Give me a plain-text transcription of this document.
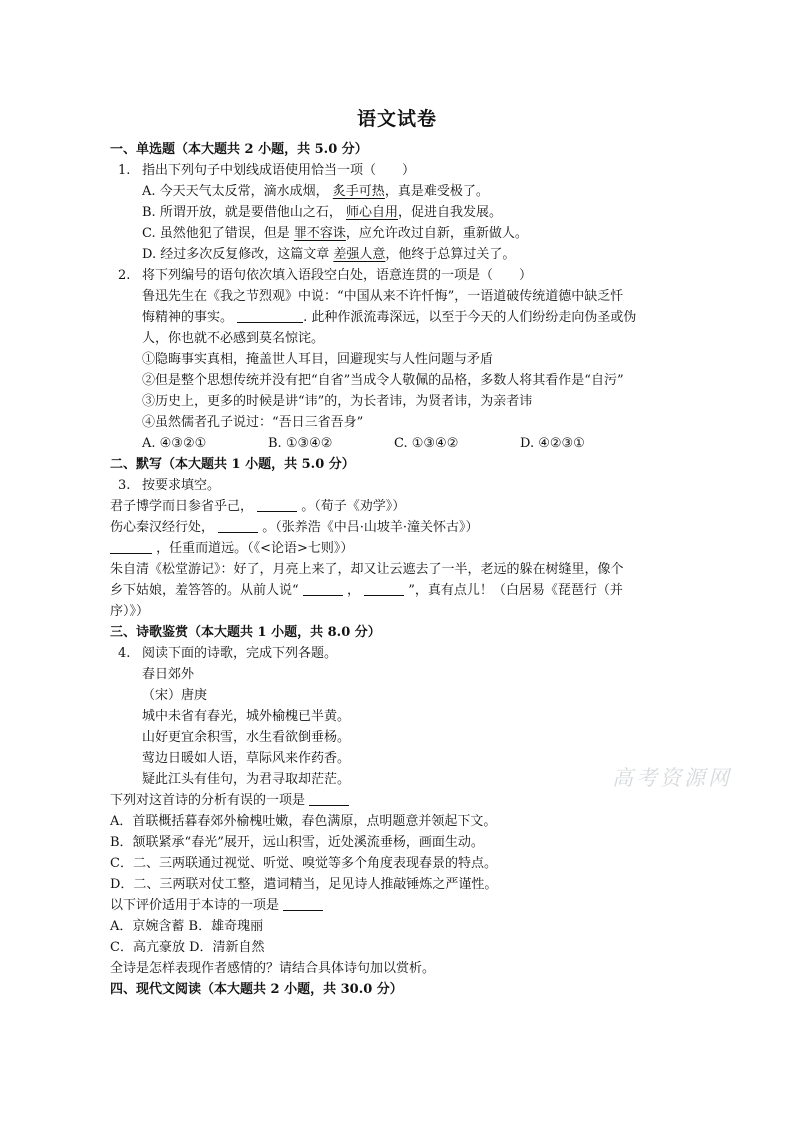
语文试卷
一、单选题（本大题共 2 小题，共 5.0 分）
1. 指出下列句子中划线成语使用恰当一项（　　）
A. 今天天气太反常，滴水成烟， 炙手可热，真是难受极了。
B. 所谓开放，就是要借他山之石， 师心自用，促进自我发展。
C. 虽然他犯了错误，但是 罪不容诛，应允许改过自新，重新做人。
D. 经过多次反复修改，这篇文章 差强人意，他终于总算过关了。
2. 将下列编号的语句依次填入语段空白处，语意连贯的一项是（　　）
鲁迅先生在《我之节烈观》中说：“中国从来不许忏悔”，一语道破传统道德中缺乏忏
悔精神的事实。	. 此种作派流毒深远，以至于今天的人们纷纷走向伪圣或伪
人，你也就不必感到莫名惊诧。
①隐晦事实真相，掩盖世人耳目，回避现实与人性问题与矛盾
②但是整个思想传统并没有把“自省”当成令人敬佩的品格，多数人将其看作是“自污”
③历史上，更多的时候是讲“讳”的，为长者讳，为贤者讳，为亲者讳
④虽然儒者孔子说过：“吾日三省吾身”
A. ④③②①	B. ①③④②	C. ①③④②	D. ④②③①
二、默写（本大题共 1 小题，共 5.0 分）
3. 按要求填空。
君子博学而日参省乎己，	。（荀子《劝学》）
伤心秦汉经行处，	。（张养浩《中吕·山坡羊·潼关怀古》）
，任重而道远。（《<论语>七则》）
朱自清《松堂游记》：好了，月亮上来了，却又让云遮去了一半，老远的躲在树缝里，像个
乡下姑娘，羞答答的。从前人说“	，	”，真有点儿！（白居易《琵琶行（并
序）》）
三、诗歌鉴赏（本大题共 1 小题，共 8.0 分）
4. 阅读下面的诗歌，完成下列各题。
春日郊外
（宋）唐庚
城中未省有春光，城外榆槐已半黄。
山好更宜余积雪，水生看欲倒垂杨。
莺边日暖如人语，草际风来作药香。
疑此江头有佳句，为君寻取却茫茫。
下列对这首诗的分析有误的一项是
A．首联概括暮春郊外榆槐吐嫩，春色满原，点明题意并领起下文。
B．颔联紧承“春光”展开，远山积雪，近处溪流垂杨，画面生动。
C．二、三两联通过视觉、听觉、嗅觉等多个角度表现春景的特点。
D．二、三两联对仗工整，遣词精当，足见诗人推敲锤炼之严谨性。
以下评价适用于本诗的一项是
A．京婉含蓄 B．雄奇瑰丽
C．高亢豪放 D．清新自然
全诗是怎样表现作者感情的？请结合具体诗句加以赏析。
四、现代文阅读（本大题共 2 小题，共 30.0 分）
高考资源网
